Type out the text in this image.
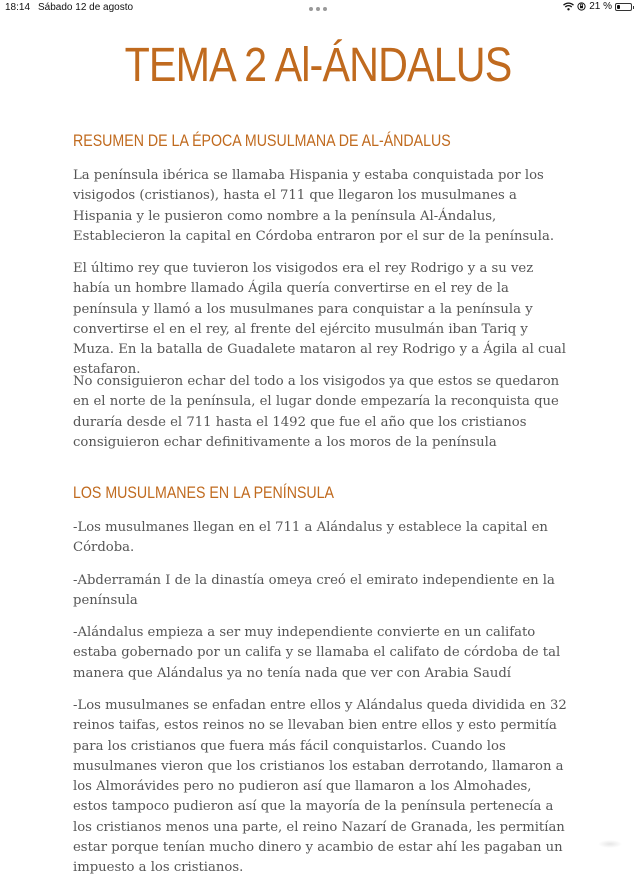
18:14 Sábado 12 de agosto	21 %
TEMA 2 Al-ÁNDALUS
RESUMEN DE LA ÉPOCA MUSULMANA DE AL-ÁNDALUS

La península ibérica se llamaba Hispania y estaba conquistada por los visigodos (cristianos), hasta el 711 que llegaron los musulmanes a Hispania y le pusieron como nombre a la península Al-Ándalus, Establecieron la capital en Córdoba entraron por el sur de la península.

El último rey que tuvieron los visigodos era el rey Rodrigo y a su vez había un hombre llamado Ágila quería convertirse en el rey de la península y llamó a los musulmanes para conquistar a la península y convertirse el en el rey, al frente del ejército musulmán iban Tariq y Muza. En la batalla de Guadalete mataron al rey Rodrigo y a Ágila al cual estafaron.

No consiguieron echar del todo a los visigodos ya que estos se quedaron en el norte de la península, el lugar donde empezaría la reconquista que duraría desde el 711 hasta el 1492 que fue el año que los cristianos consiguieron echar definitivamente a los moros de la península

LOS MUSULMANES EN LA PENÍNSULA

-Los musulmanes llegan en el 711 a Alándalus y establece la capital en Córdoba.

-Abderramán I de la dinastía omeya creó el emirato independiente en la península

-Alándalus empieza a ser muy independiente convierte en un califato estaba gobernado por un califa y se llamaba el califato de córdoba de tal manera que Alándalus ya no tenía nada que ver con Arabia Saudí

-Los musulmanes se enfadan entre ellos y Alándalus queda dividida en 32 reinos taifas, estos reinos no se llevaban bien entre ellos y esto permitía para los cristianos que fuera más fácil conquistarlos. Cuando los musulmanes vieron que los cristianos los estaban derrotando, llamaron a los Almorávides pero no pudieron así que llamaron a los Almohades, estos tampoco pudieron así que la mayoría de la península pertenecía a los cristianos menos una parte, el reino Nazarí de Granada, les permitían estar porque tenían mucho dinero y acambio de estar ahí les pagaban un impuesto a los cristianos.
